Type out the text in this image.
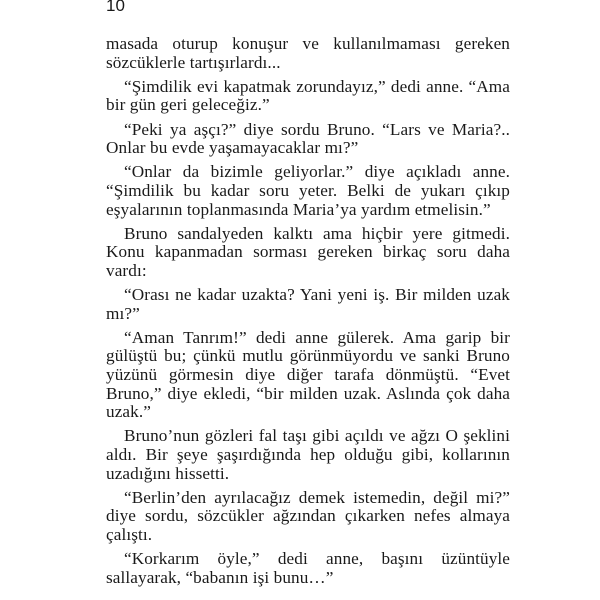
10

masada oturup konuşur ve kullanılmaması gereken sözcüklerle tartışırlardı...

“Şimdilik evi kapatmak zorundayız,” dedi anne. “Ama bir gün geri geleceğiz.”

“Peki ya aşçı?” diye sordu Bruno. “Lars ve Maria?.. Onlar bu evde yaşamayacaklar mı?”

“Onlar da bizimle geliyorlar.” diye açıkladı anne. “Şimdilik bu kadar soru yeter. Belki de yukarı çıkıp eşyalarının toplanmasında Maria’ya yardım etmelisin.”

Bruno sandalyeden kalktı ama hiçbir yere gitmedi. Konu kapanmadan sorması gereken birkaç soru daha vardı:

“Orası ne kadar uzakta? Yani yeni iş. Bir milden uzak mı?”

“Aman Tanrım!” dedi anne gülerek. Ama garip bir gülüştü bu; çünkü mutlu görünmüyordu ve sanki Bruno yüzünü görmesin diye diğer tarafa dönmüştü. “Evet Bruno,” diye ekledi, “bir milden uzak. Aslında çok daha uzak.”

Bruno’nun gözleri fal taşı gibi açıldı ve ağzı O şeklini aldı. Bir şeye şaşırdığında hep olduğu gibi, kollarının uzadığını hissetti.

“Berlin’den ayrılacağız demek istemedin, değil mi?” diye sordu, sözcükler ağzından çıkarken nefes almaya çalıştı.

“Korkarım öyle,” dedi anne, başını üzüntüyle sallayarak, “babanın işi bunu…”
